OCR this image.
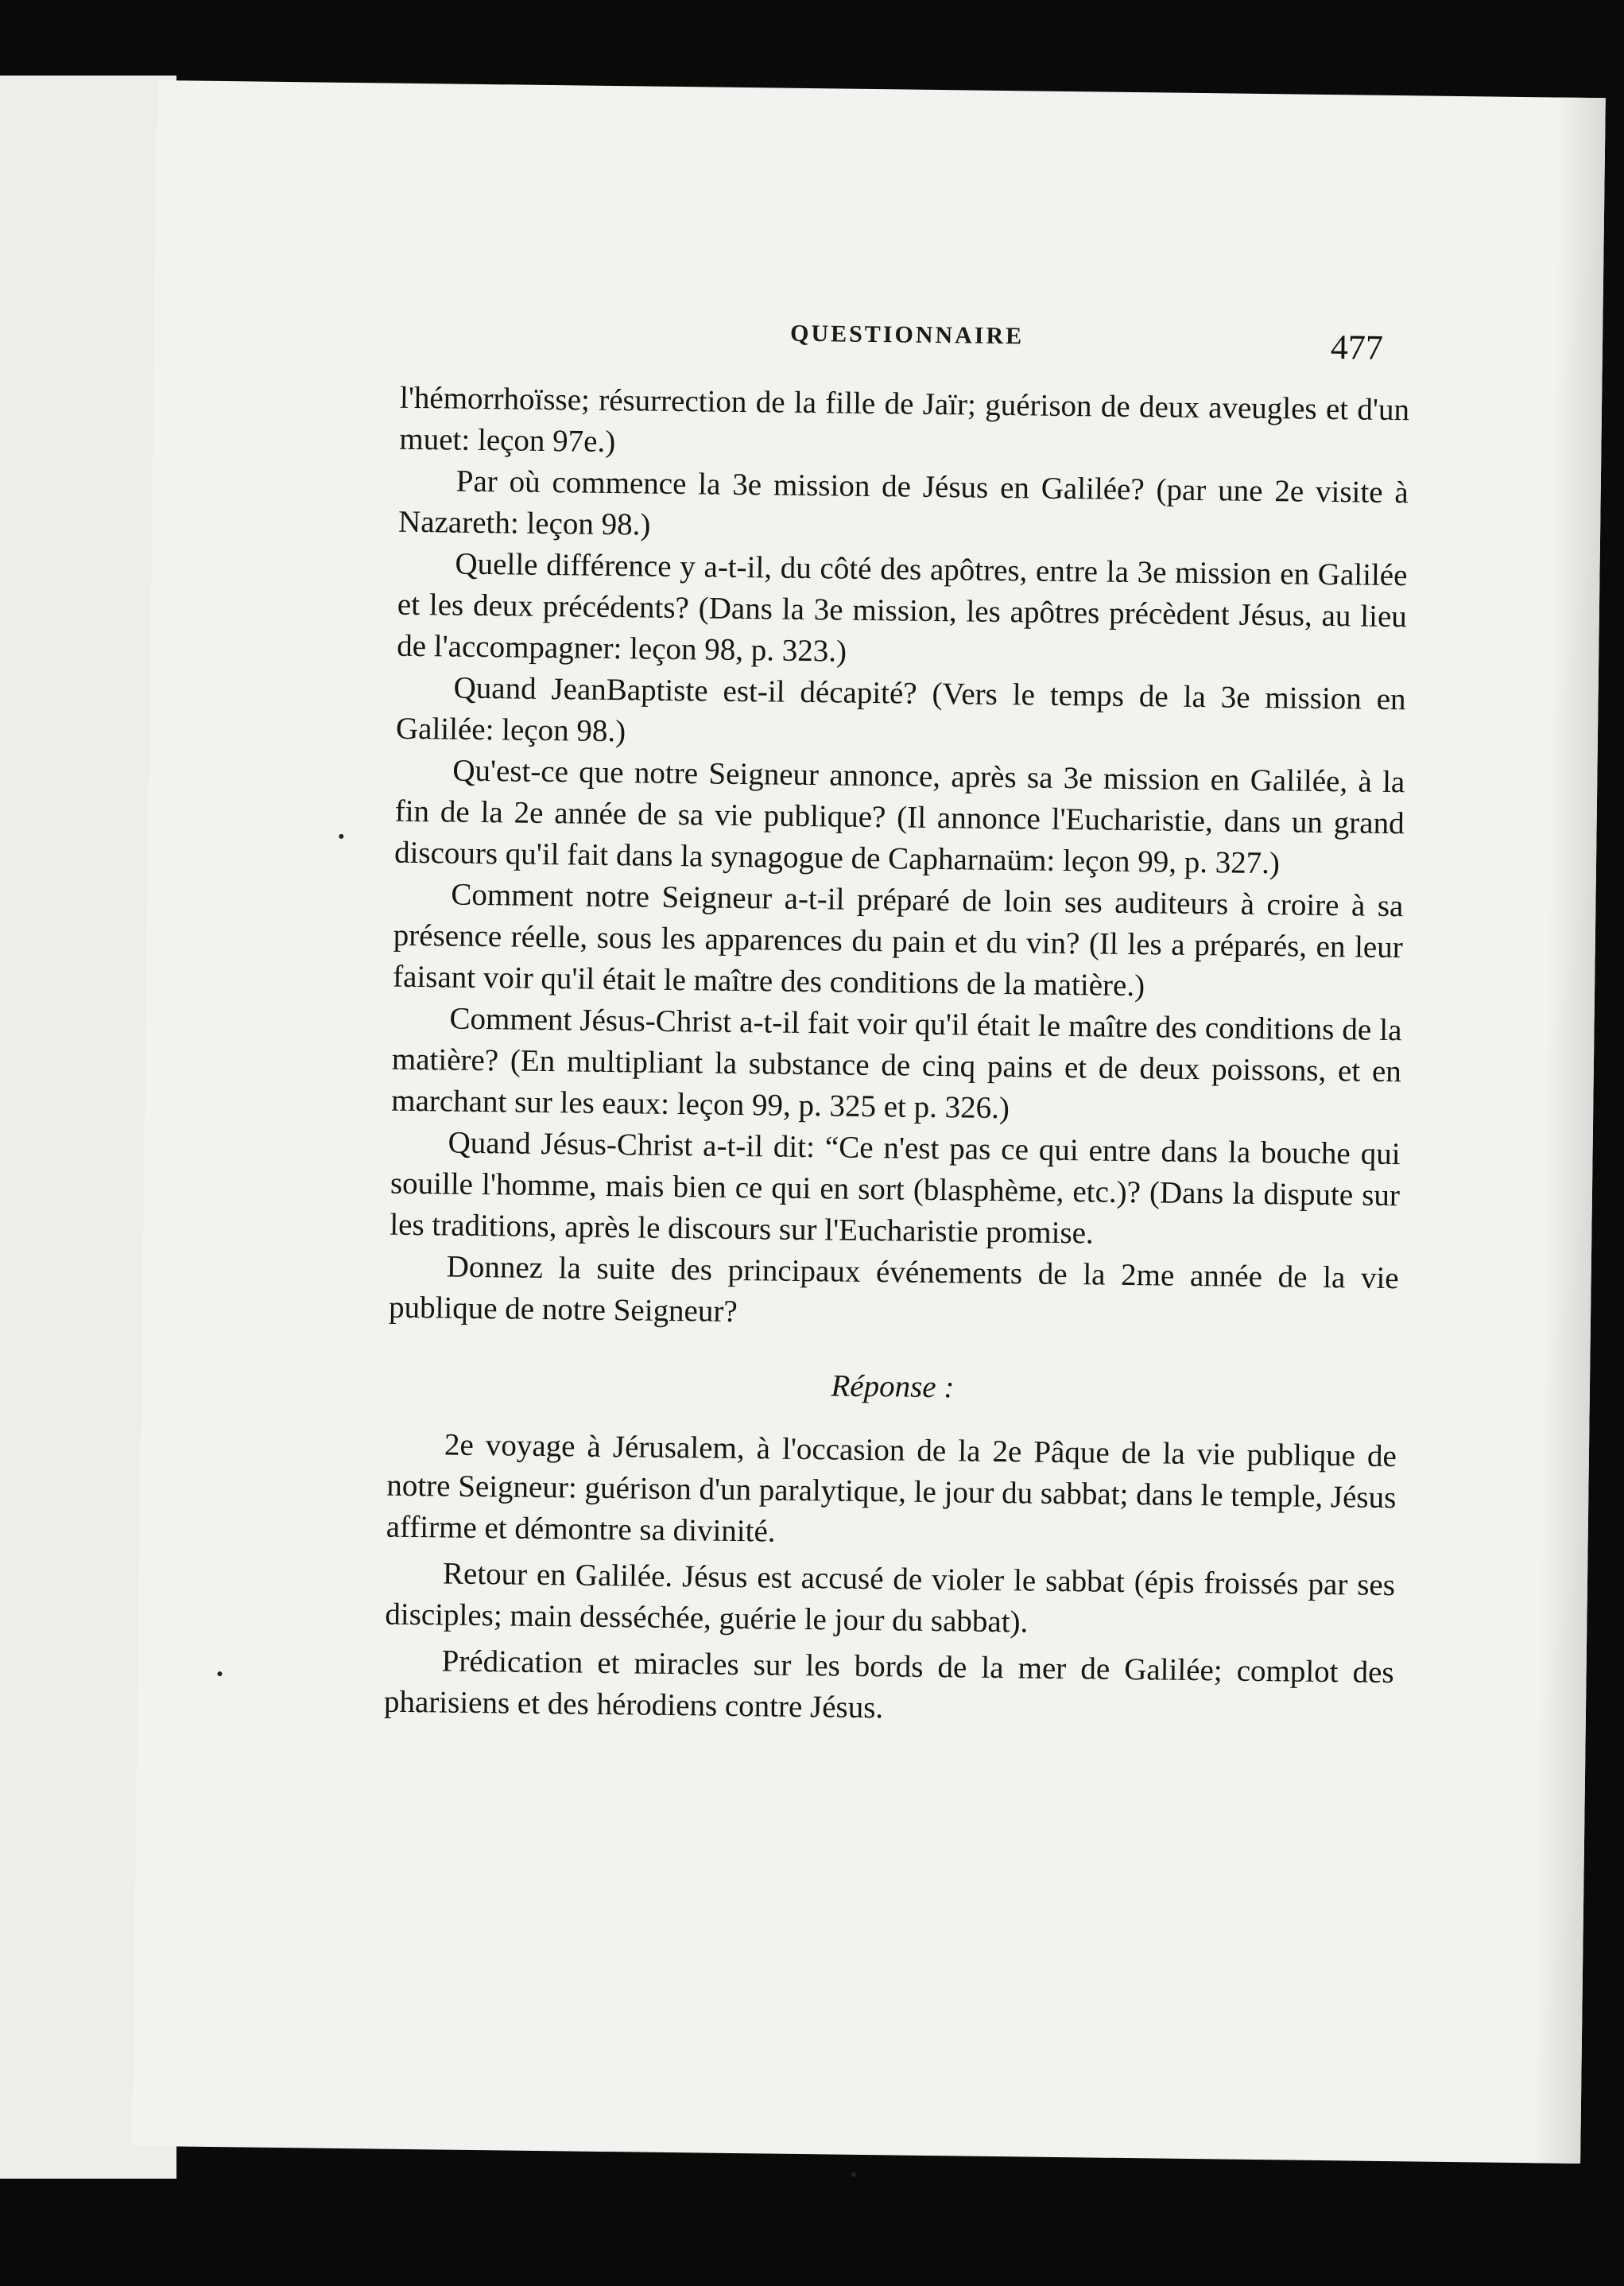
QUESTIONNAIRE	477

l'hémorrhoïsse; résurrection de la fille de Jaïr; guérison de deux aveugles et d'un muet: leçon 97e.)

Par où commence la 3e mission de Jésus en Galilée? (par une 2e visite à Nazareth: leçon 98.)

Quelle différence y a-t-il, du côté des apôtres, entre la 3e mission en Galilée et les deux précédents? (Dans la 3e mission, les apôtres précèdent Jésus, au lieu de l'accompagner: leçon 98, p. 323.)

Quand JeanBaptiste est-il décapité? (Vers le temps de la 3e mission en Galilée: leçon 98.)

Qu'est-ce que notre Seigneur annonce, après sa 3e mission en Galilée, à la fin de la 2e année de sa vie publique? (Il annonce l'Eucharistie, dans un grand discours qu'il fait dans la synagogue de Capharnaüm: leçon 99, p. 327.)

Comment notre Seigneur a-t-il préparé de loin ses auditeurs à croire à sa présence réelle, sous les apparences du pain et du vin? (Il les a préparés, en leur faisant voir qu'il était le maître des conditions de la matière.)

Comment Jésus-Christ a-t-il fait voir qu'il était le maître des conditions de la matière? (En multipliant la substance de cinq pains et de deux poissons, et en marchant sur les eaux: leçon 99, p. 325 et p. 326.)

Quand Jésus-Christ a-t-il dit: “Ce n'est pas ce qui entre dans la bouche qui souille l'homme, mais bien ce qui en sort (blasphème, etc.)? (Dans la dispute sur les traditions, après le discours sur l'Eucharistie promise.

Donnez la suite des principaux événements de la 2me année de la vie publique de notre Seigneur?

Réponse :

2e voyage à Jérusalem, à l'occasion de la 2e Pâque de la vie publique de notre Seigneur: guérison d'un paralytique, le jour du sabbat; dans le temple, Jésus affirme et démontre sa divinité.

Retour en Galilée. Jésus est accusé de violer le sabbat (épis froissés par ses disciples; main desséchée, guérie le jour du sabbat).

Prédication et miracles sur les bords de la mer de Galilée; complot des pharisiens et des hérodiens contre Jésus.
